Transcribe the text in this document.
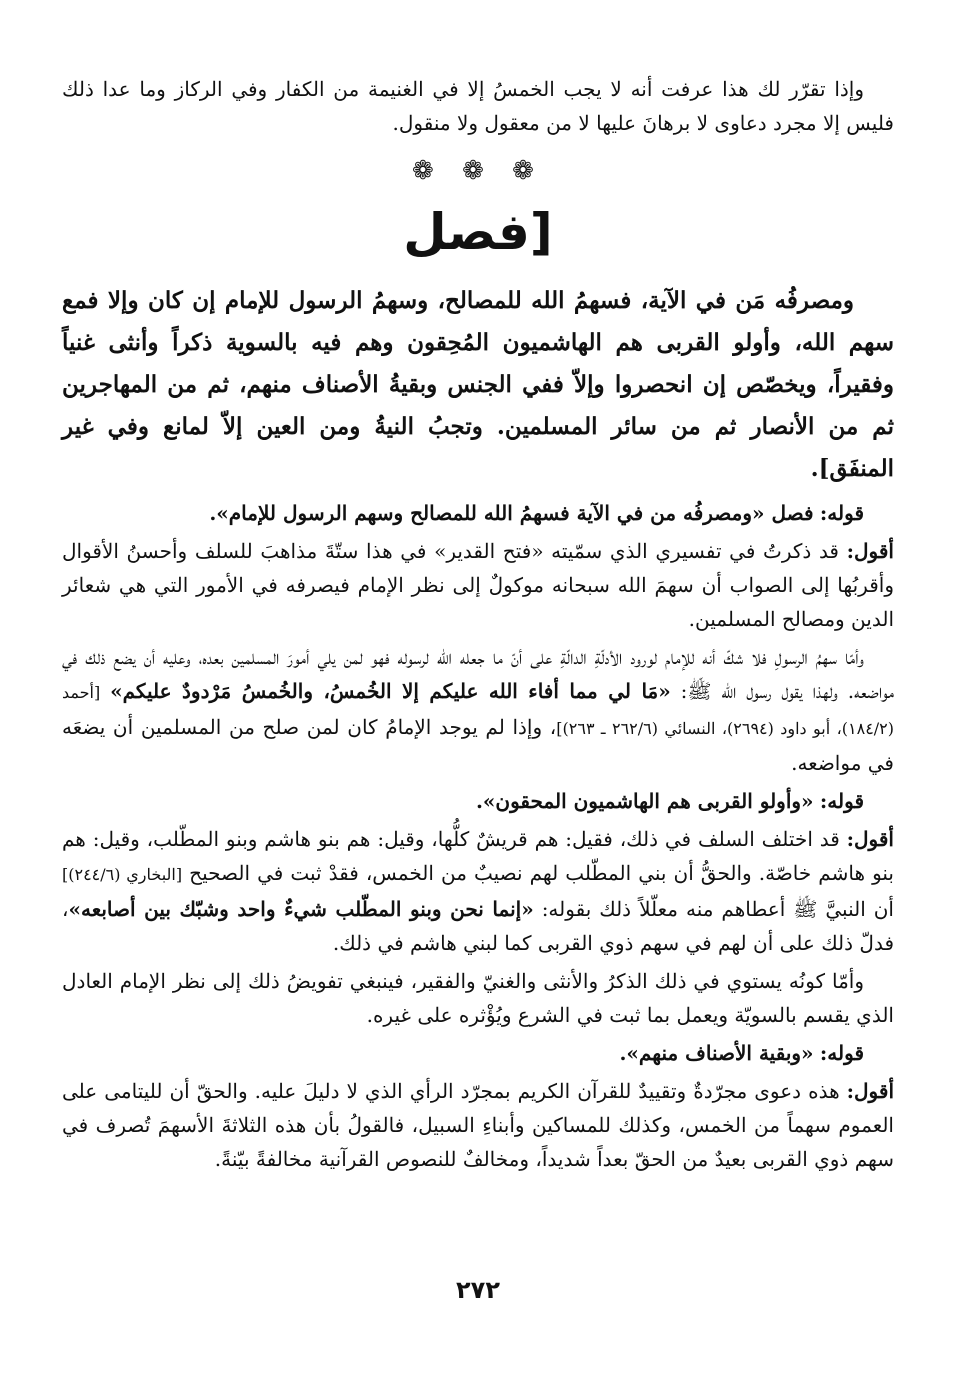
وإذا تقرّر لك هذا عرفت أنه لا يجب الخمسُ إلا في الغنيمة من الكفار وفي الركاز وما عدا ذلك فليس إلا مجرد دعاوى لا برهانَ عليها لا من معقول ولا منقول.

❁ ❁ ❁
[فصل

ومصرفُه مَن في الآية، فسهمُ الله للمصالح، وسهمُ الرسول للإمام إن كان وإلا فمع سهم الله، وأولو القربى هم الهاشميون المُحِقون وهم فيه بالسوية ذكراً وأنثى غنياً وفقيراً، ويخصّص إن انحصروا وإلاّ ففي الجنس وبقيةُ الأصناف منهم، ثم من المهاجرين ثم من الأنصار ثم من سائر المسلمين. وتجبُ النيةُ ومن العين إلاّ لمانع وفي غير المنفَق].

قوله: فصل «ومصرفُه من في الآية فسهمُ الله للمصالح وسهم الرسول للإمام».

أقول: قد ذكرتُ في تفسيري الذي سمّيته «فتح القدير» في هذا ستّةَ مذاهبَ للسلف وأحسنُ الأقوال وأقربُها إلى الصواب أن سهمَ الله سبحانه موكولٌ إلى نظر الإمام فيصرفه في الأمور التي هي شعائر الدين ومصالح المسلمين.

وأمّا سهمُ الرسولِ فلا شكّ أنه للإمام لورود الأدلّةِ الدالّةِ على أنّ ما جعله الله لرسوله فهو لمن يلي أمورَ المسلمين بعده، وعليه أن يضع ذلك في مواضعه. ولهذا يقول رسول الله ﷺ: «مَا لي مما أفاء الله عليكم إلا الخُمسُ، والخُمسُ مَرْدودٌ عليكم» [أحمد (١٨٤/٢)، أبو داود (٢٦٩٤)، النسائي (٢٦٢/٦ ـ ٢٦٣)]، وإذا لم يوجد الإمامُ كان لمن صلح من المسلمين أن يضعَه في مواضعه.

قوله: «وأولو القربى هم الهاشميون المحقون».

أقول: قد اختلف السلف في ذلك، فقيل: هم قريشٌ كلُّها، وقيل: هم بنو هاشم وبنو المطّلب، وقيل: هم بنو هاشم خاصّة. والحقُّ أن بني المطّلب لهم نصيبٌ من الخمس، فقدْ ثبت في الصحيح [البخاري (٢٤٤/٦)] أن النبيَّ ﷺ أعطاهم منه معلّلاً ذلك بقوله: «إنما نحن وبنو المطّلب شيءٌ واحد وشبّك بين أصابعه»، فدلّ ذلك على أن لهم في سهم ذوي القربى كما لبني هاشم في ذلك.

وأمّا كونُه يستوي في ذلك الذكرُ والأنثى والغنيّ والفقير، فينبغي تفويضُ ذلك إلى نظر الإمام العادل الذي يقسم بالسويّة ويعمل بما ثبت في الشرع ويُؤْثره على غيره.

قوله: «وبقية الأصناف منهم».

أقول: هذه دعوى مجرّدةٌ وتقييدٌ للقرآن الكريم بمجرّد الرأي الذي لا دليلَ عليه. والحقّ أن لليتامى على العموم سهماً من الخمس، وكذلك للمساكين وأبناءِ السبيل، فالقولُ بأن هذه الثلاثةَ الأسهمَ تُصرف في سهم ذوي القربى بعيدٌ من الحقّ بعداً شديداً، ومخالفٌ للنصوص القرآنية مخالفةً بيّنةً.

٢٧٢
